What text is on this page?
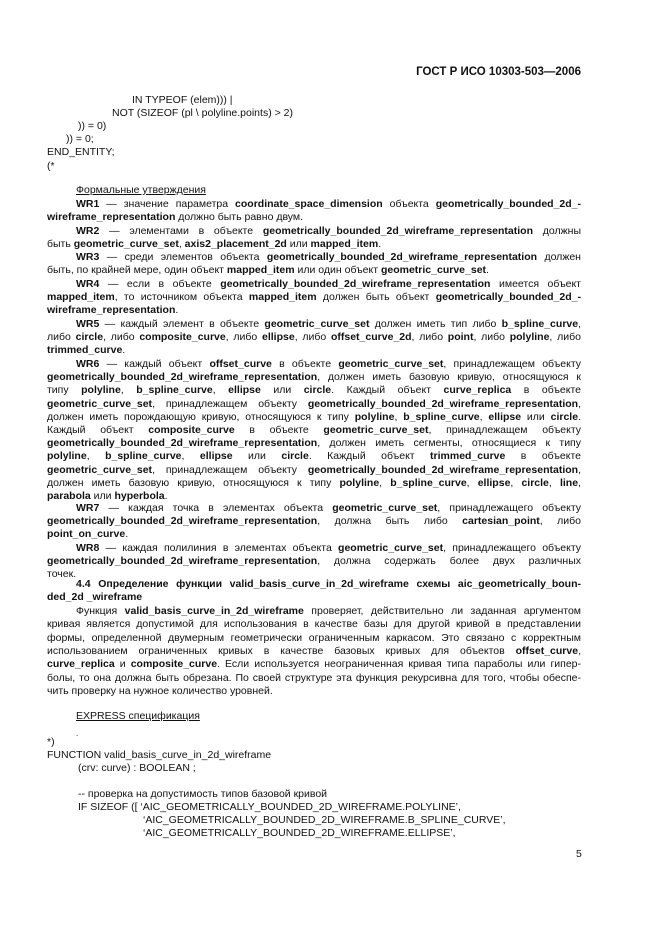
ГОСТ Р ИСО 10303-503—2006
IN TYPEOF (elem))) |
NOT (SIZEOF (pl \ polyline.points) > 2)
)) = 0)
)) = 0;
END_ENTITY;
(*
Формальные утверждения
WR1 — значение параметра coordinate_space_dimension объекта geometrically_bounded_2d_-
wireframe_representation должно быть равно двум.
WR2 — элементами в объекте geometrically_bounded_2d_wireframe_representation должны
быть geometric_curve_set, axis2_placement_2d или mapped_item.
WR3 — среди элементов объекта geometrically_bounded_2d_wireframe_representation должен
быть, по крайней мере, один объект mapped_item или один объект geometric_curve_set.
WR4 — если в объекте geometrically_bounded_2d_wireframe_representation имеется объект
mapped_item, то источником объекта mapped_item должен быть объект geometrically_bounded_2d_-
wireframe_representation.
WR5 — каждый элемент в объекте geometric_curve_set должен иметь тип либо b_spline_curve,
либо circle, либо composite_curve, либо ellipse, либо offset_curve_2d, либо point, либо polyline, либо
trimmed_curve.
WR6 — каждый объект offset_curve в объекте geometric_curve_set, принадлежащем объекту
geometrically_bounded_2d_wireframe_representation, должен иметь базовую кривую, относящуюся к
типу polyline, b_spline_curve, ellipse или circle. Каждый объект curve_replica в объекте
geometric_curve_set, принадлежащем объекту geometrically_bounded_2d_wireframe_representation,
должен иметь порождающую кривую, относящуюся к типу polyline, b_spline_curve, ellipse или circle.
Каждый объект composite_curve в объекте geometric_curve_set, принадлежащем объекту
geometrically_bounded_2d_wireframe_representation, должен иметь сегменты, относящиеся к типу
polyline, b_spline_curve, ellipse или circle. Каждый объект trimmed_curve в объекте
geometric_curve_set, принадлежащем объекту geometrically_bounded_2d_wireframe_representation,
должен иметь базовую кривую, относящуюся к типу polyline, b_spline_curve, ellipse, circle, line,
parabola или hyperbola.
WR7 — каждая точка в элементах объекта geometric_curve_set, принадлежащего объекту
geometrically_bounded_2d_wireframe_representation, должна быть либо cartesian_point, либо
point_on_curve.
WR8 — каждая полилиния в элементах объекта geometric_curve_set, принадлежащего объекту
geometrically_bounded_2d_wireframe_representation, должна содержать более двух различных
точек.
4.4 Определение функции valid_basis_curve_in_2d_wireframe схемы aic_geometrically_boun-
ded_2d _wireframe
Функция valid_basis_curve_in_2d_wireframe проверяет, действительно ли заданная аргументом
кривая является допустимой для использования в качестве базы для другой кривой в представлении
формы, определенной двумерным геометрически ограниченным каркасом. Это связано с корректным
использованием ограниченных кривых в качестве базовых кривых для объектов offset_curve,
curve_replica и composite_curve. Если используется неограниченная кривая типа параболы или гипер-
болы, то она должна быть обрезана. По своей структуре эта функция рекурсивна для того, чтобы обеспе-
чить проверку на нужное количество уровней.
EXPRESS спецификация
.
*)
FUNCTION valid_basis_curve_in_2d_wireframe
(crv: curve) : BOOLEAN ;
-- проверка на допустимость типов базовой кривой
IF SIZEOF ([ ‘AIC_GEOMETRICALLY_BOUNDED_2D_WIREFRAME.POLYLINE’,
‘AIC_GEOMETRICALLY_BOUNDED_2D_WIREFRAME.B_SPLINE_CURVE’,
‘AIC_GEOMETRICALLY_BOUNDED_2D_WIREFRAME.ELLIPSE’,
5
